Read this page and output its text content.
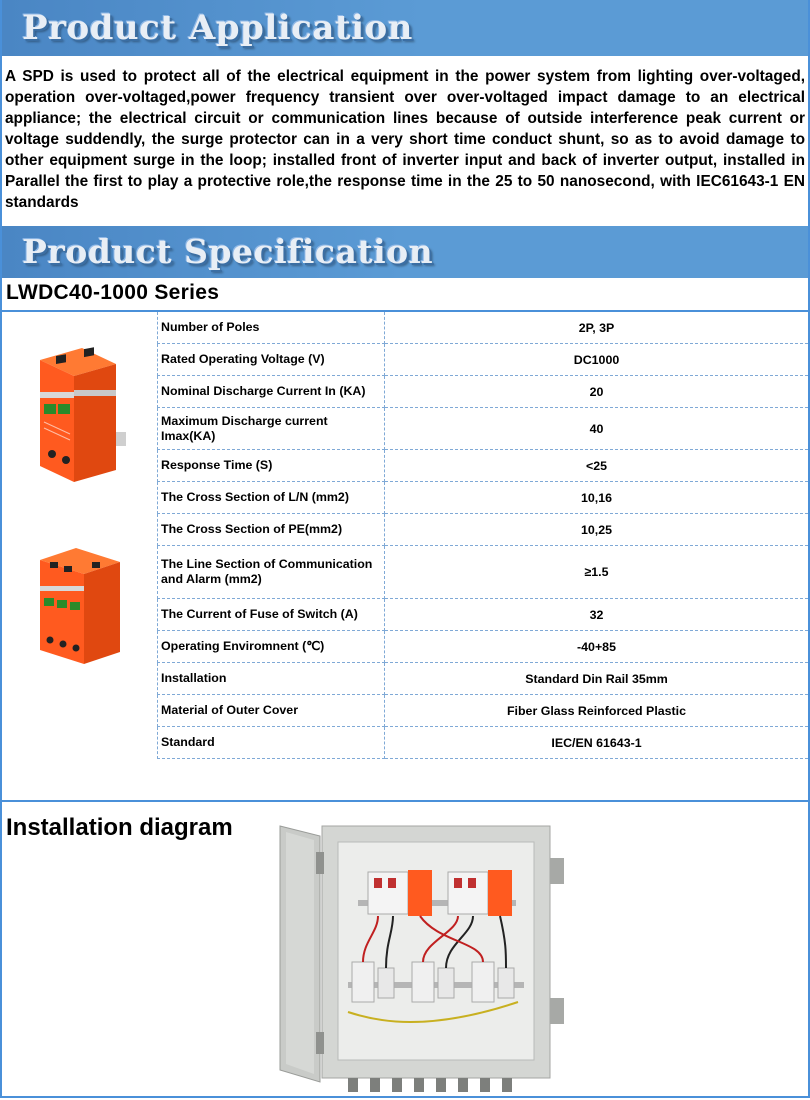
Product Application
A SPD is used to protect all of the electrical equipment in the power system from lighting over-voltaged, operation over-voltaged,power frequency transient over over-voltaged impact damage to an electrical appliance; the electrical circuit or communication lines because of outside interference peak current or voltage suddendly, the surge protector can in a very short time conduct shunt, so as to avoid damage to other equipment surge in the loop; installed front of inverter input and back of inverter output, installed in Parallel the first to play a protective role,the response time in the 25 to 50 nanosecond, with IEC61643-1 EN standards
Product Specification
LWDC40-1000 Series
Number of Poles	2P, 3P
Rated Operating Voltage (V)	DC1000
Nominal Discharge Current In (KA)	20
Maximum Discharge current Imax(KA)	40
Response Time (S)	<25
The Cross Section of L/N (mm2)	10,16
The Cross Section of PE(mm2)	10,25
The Line Section of Communication and Alarm (mm2)	≥1.5
The Current of Fuse of Switch (A)	32
Operating Enviromnent (℃)	-40+85
Installation	Standard Din Rail 35mm
Material of Outer Cover	Fiber Glass Reinforced Plastic
Standard	IEC/EN 61643-1
Installation diagram
